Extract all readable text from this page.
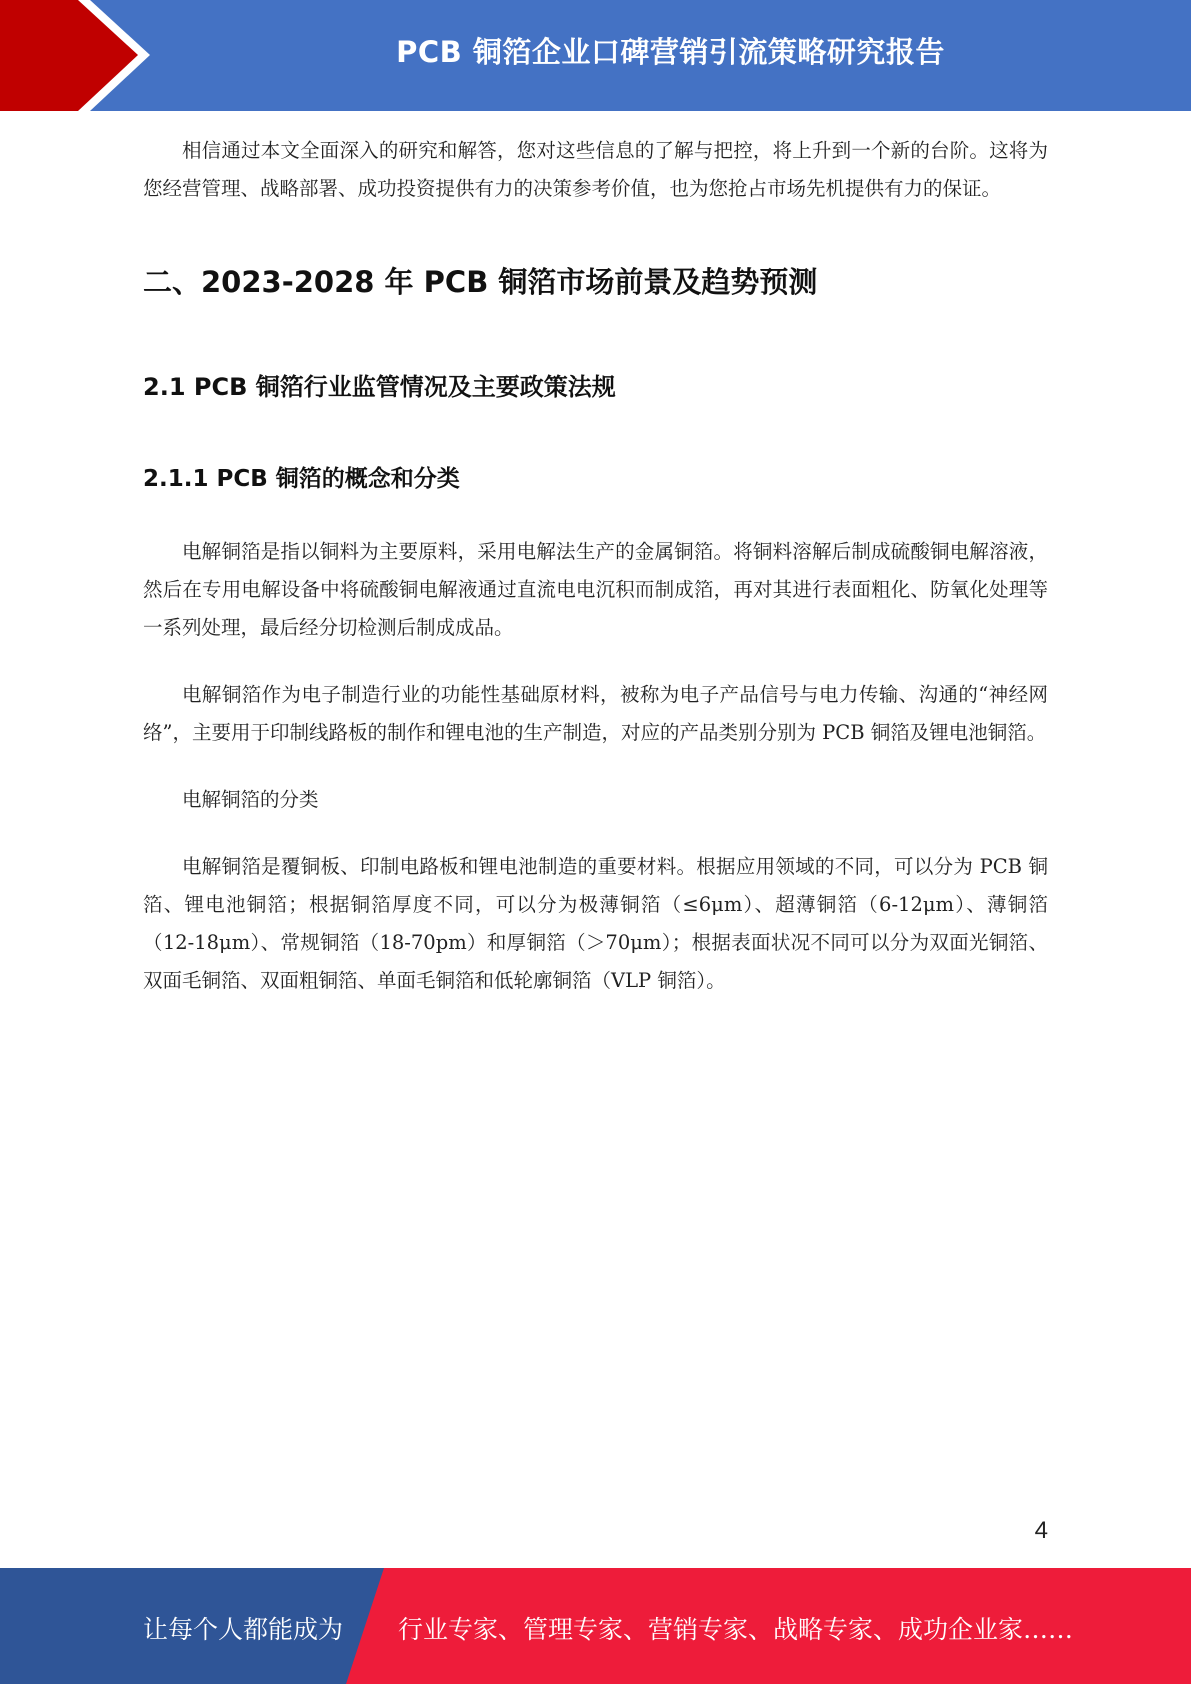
PCB 铜箔企业口碑营销引流策略研究报告

相信通过本文全面深入的研究和解答，您对这些信息的了解与把控，将上升到一个新的台阶。这将为您经营管理、战略部署、成功投资提供有力的决策参考价值，也为您抢占市场先机提供有力的保证。

二、2023-2028 年 PCB 铜箔市场前景及趋势预测
2.1 PCB 铜箔行业监管情况及主要政策法规
2.1.1 PCB 铜箔的概念和分类

电解铜箔是指以铜料为主要原料，采用电解法生产的金属铜箔。将铜料溶解后制成硫酸铜电解溶液，然后在专用电解设备中将硫酸铜电解液通过直流电电沉积而制成箔，再对其进行表面粗化、防氧化处理等一系列处理，最后经分切检测后制成成品。

电解铜箔作为电子制造行业的功能性基础原材料，被称为电子产品信号与电力传输、沟通的“神经网络”，主要用于印制线路板的制作和锂电池的生产制造，对应的产品类别分别为 PCB 铜箔及锂电池铜箔。

电解铜箔的分类

电解铜箔是覆铜板、印制电路板和锂电池制造的重要材料。根据应用领域的不同，可以分为 PCB 铜箔、锂电池铜箔；根据铜箔厚度不同，可以分为极薄铜箔（≤6μm）、超薄铜箔（6-12μm）、薄铜箔（12-18μm）、常规铜箔（18-70pm）和厚铜箔（＞70μm）；根据表面状况不同可以分为双面光铜箔、双面毛铜箔、双面粗铜箔、单面毛铜箔和低轮廓铜箔（VLP 铜箔）。

4
让每个人都能成为 行业专家、管理专家、营销专家、战略专家、成功企业家……
